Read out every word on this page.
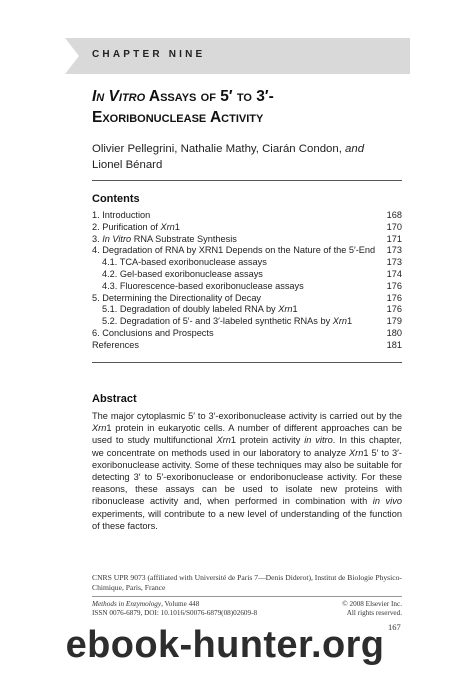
CHAPTER NINE
In Vitro Assays of 5′ to 3′-
Exoribonuclease Activity
Olivier Pellegrini, Nathalie Mathy, Ciarán Condon, and
Lionel Bénard
Contents
1. Introduction	168
2. Purification of Xrn1	170
3. In Vitro RNA Substrate Synthesis	171
4. Degradation of RNA by XRN1 Depends on the Nature of the 5′-End 173
4.1. TCA-based exoribonuclease assays	173
4.2. Gel-based exoribonuclease assays	174
4.3. Fluorescence-based exoribonuclease assays	176
5. Determining the Directionality of Decay	176
5.1. Degradation of doubly labeled RNA by Xrn1	176
5.2. Degradation of 5′- and 3′-labeled synthetic RNAs by Xrn1	179
6. Conclusions and Prospects	180
References	181
Abstract
The major cytoplasmic 5′ to 3′-exoribonuclease activity is carried out by the Xrn1 protein in eukaryotic cells. A number of different approaches can be used to study multifunctional Xrn1 protein activity in vitro. In this chapter, we concentrate on methods used in our laboratory to analyze Xrn1 5′ to 3′-exoribonuclease activity. Some of these techniques may also be suitable for detecting 3′ to 5′-exoribonuclease or endoribonuclease activity. For these reasons, these assays can be used to isolate new proteins with ribonuclease activity and, when performed in combination with in vivo experiments, will contribute to a new level of understanding of the function of these factors.
CNRS UPR 9073 (affiliated with Université de Paris 7—Denis Diderot), Institut de Biologie Physico-Chimique, Paris, France
Methods in Enzymology, Volume 448	© 2008 Elsevier Inc.
ISSN 0076-6879, DOI: 10.1016/S0076-6879(08)02609-8	All rights reserved.
167
ebook-hunter.org
